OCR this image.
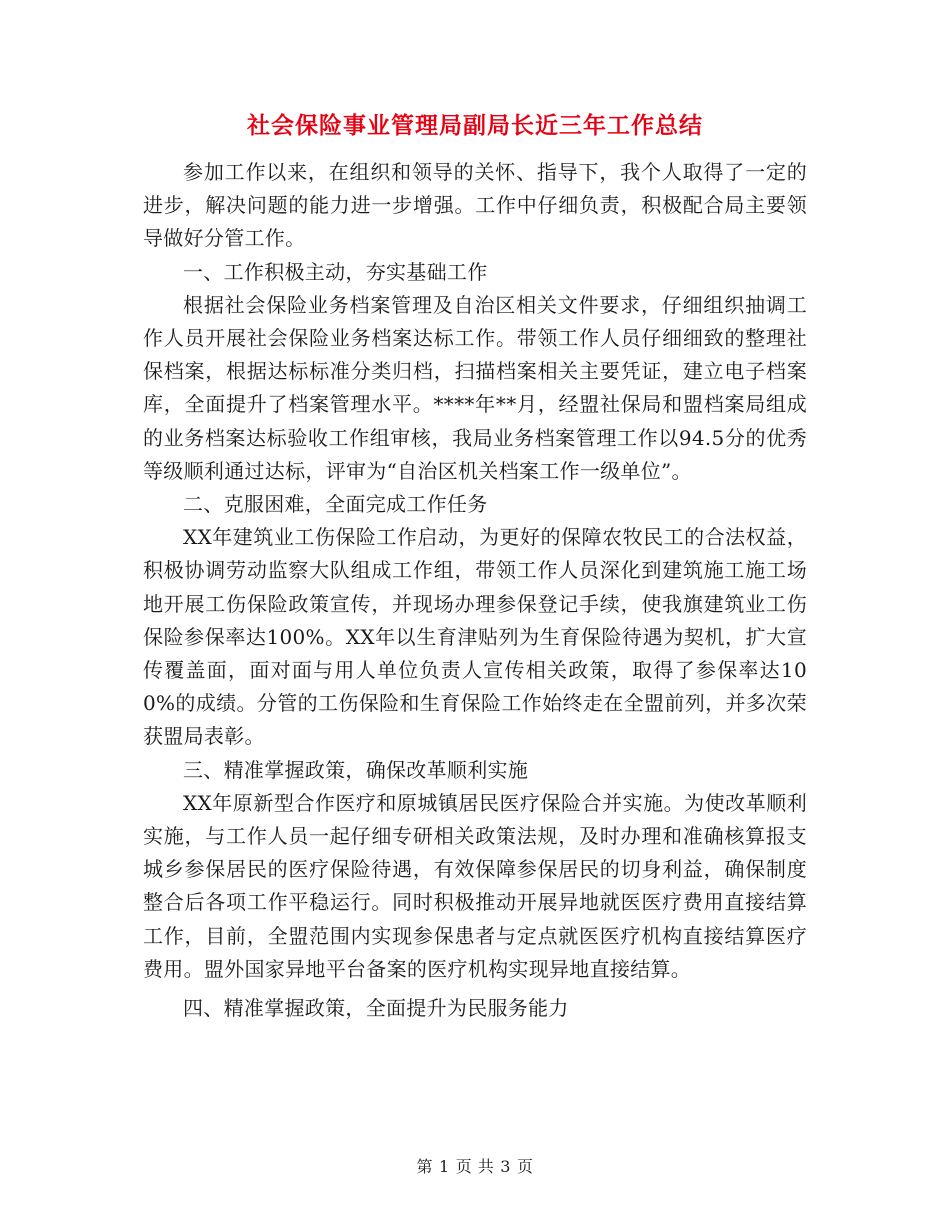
社会保险事业管理局副局长近三年工作总结

参加工作以来，在组织和领导的关怀、指导下，我个人取得了一定的进步，解决问题的能力进一步增强。工作中仔细负责，积极配合局主要领导做好分管工作。

一、工作积极主动，夯实基础工作

根据社会保险业务档案管理及自治区相关文件要求，仔细组织抽调工作人员开展社会保险业务档案达标工作。带领工作人员仔细细致的整理社保档案，根据达标标准分类归档，扫描档案相关主要凭证，建立电子档案库，全面提升了档案管理水平。****年**月，经盟社保局和盟档案局组成的业务档案达标验收工作组审核，我局业务档案管理工作以94.5分的优秀等级顺利通过达标，评审为“自治区机关档案工作一级单位”。

二、克服困难，全面完成工作任务

XX年建筑业工伤保险工作启动，为更好的保障农牧民工的合法权益，积极协调劳动监察大队组成工作组，带领工作人员深化到建筑施工施工场地开展工伤保险政策宣传，并现场办理参保登记手续，使我旗建筑业工伤保险参保率达100%。XX年以生育津贴列为生育保险待遇为契机，扩大宣传覆盖面，面对面与用人单位负责人宣传相关政策，取得了参保率达100%的成绩。分管的工伤保险和生育保险工作始终走在全盟前列，并多次荣获盟局表彰。

三、精准掌握政策，确保改革顺利实施

XX年原新型合作医疗和原城镇居民医疗保险合并实施。为使改革顺利实施，与工作人员一起仔细专研相关政策法规，及时办理和准确核算报支城乡参保居民的医疗保险待遇，有效保障参保居民的切身利益，确保制度整合后各项工作平稳运行。同时积极推动开展异地就医医疗费用直接结算工作，目前，全盟范围内实现参保患者与定点就医医疗机构直接结算医疗费用。盟外国家异地平台备案的医疗机构实现异地直接结算。

四、精准掌握政策，全面提升为民服务能力

第 1 页 共 3 页
